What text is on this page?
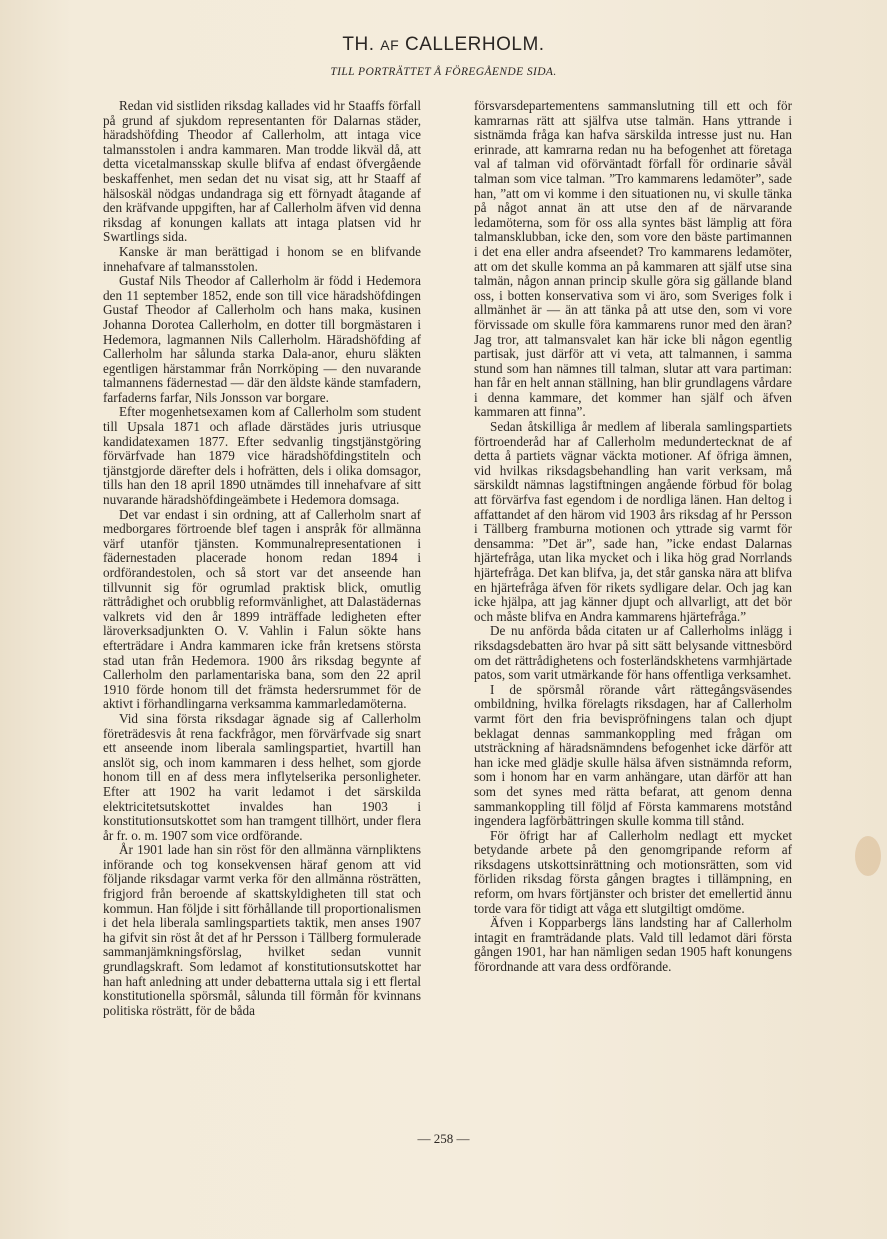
TH. AF CALLERHOLM.
TILL PORTRÄTTET Å FÖREGÅENDE SIDA.

Redan vid sistliden riksdag kallades vid hr Staaffs förfall på grund af sjukdom representanten för Dalarnas städer, häradshöfding Theodor af Callerholm, att intaga vice talmansstolen i andra kammaren. Man trodde likväl då, att detta vicetalmansskap skulle blifva af endast öfvergående beskaffenhet, men sedan det nu visat sig, att hr Staaff af hälsoskäl nödgas undandraga sig ett förnyadt åtagande af den kräfvande uppgiften, har af Callerholm äfven vid denna riksdag af konungen kallats att intaga platsen vid hr Swartlings sida.

Kanske är man berättigad i honom se en blifvande innehafvare af talmansstolen.

Gustaf Nils Theodor af Callerholm är född i Hedemora den 11 september 1852, ende son till vice häradshöfdingen Gustaf Theodor af Callerholm och hans maka, kusinen Johanna Dorotea Callerholm, en dotter till borgmästaren i Hedemora, lagmannen Nils Callerholm. Häradshöfding af Callerholm har sålunda starka Dala-anor, ehuru släkten egentligen härstammar från Norrköping — den nuvarande talmannens fädernestad — där den äldste kände stamfadern, farfaderns farfar, Nils Jonsson var borgare.

Efter mogenhetsexamen kom af Callerholm som student till Upsala 1871 och aflade därstädes juris utriusque kandidatexamen 1877. Efter sedvanlig tingstjänstgöring förvärfvade han 1879 vice häradshöfdingstiteln och tjänstgjorde därefter dels i hofrätten, dels i olika domsagor, tills han den 18 april 1890 utnämdes till innehafvare af sitt nuvarande häradshöfdingeämbete i Hedemora domsaga.

Det var endast i sin ordning, att af Callerholm snart af medborgares förtroende blef tagen i anspråk för allmänna värf utanför tjänsten. Kommunalrepresentationen i fädernestaden placerade honom redan 1894 i ordförandestolen, och så stort var det anseende han tillvunnit sig för ogrumlad praktisk blick, omutlig rättrådighet och orubblig reformvänlighet, att Dalastädernas valkrets vid den år 1899 inträffade ledigheten efter läroverksadjunkten O. V. Vahlin i Falun sökte hans efterträdare i Andra kammaren icke från kretsens största stad utan från Hedemora. 1900 års riksdag begynte af Callerholm den parlamentariska bana, som den 22 april 1910 förde honom till det främsta hedersrummet för de aktivt i förhandlingarna verksamma kammarledamöterna.

Vid sina första riksdagar ägnade sig af Callerholm företrädesvis åt rena fackfrågor, men förvärfvade sig snart ett anseende inom liberala samlingspartiet, hvartill han anslöt sig, och inom kammaren i dess helhet, som gjorde honom till en af dess mera inflytelserika personligheter. Efter att 1902 ha varit ledamot i det särskilda elektricitetsutskottet invaldes han 1903 i konstitutionsutskottet som han tramgent tillhört, under flera år fr. o. m. 1907 som vice ordförande.

År 1901 lade han sin röst för den allmänna värnpliktens införande och tog konsekvensen häraf genom att vid följande riksdagar varmt verka för den allmänna rösträtten, frigjord från beroende af skattskyldigheten till stat och kommun. Han följde i sitt förhållande till proportionalismen i det hela liberala samlingspartiets taktik, men anses 1907 ha gifvit sin röst åt det af hr Persson i Tällberg formulerade sammanjämkningsförslag, hvilket sedan vunnit grundlagskraft. Som ledamot af konstitutionsutskottet har han haft anledning att under debatterna uttala sig i ett flertal konstitutionella spörsmål, sålunda till förmån för kvinnans politiska rösträtt, för de båda

försvarsdepartementens sammanslutning till ett och för kamrarnas rätt att själfva utse talmän. Hans yttrande i sistnämda fråga kan hafva särskilda intresse just nu. Han erinrade, att kamrarna redan nu ha befogenhet att företaga val af talman vid oförväntadt förfall för ordinarie såväl talman som vice talman. ”Tro kammarens ledamöter”, sade han, ”att om vi komme i den situationen nu, vi skulle tänka på något annat än att utse den af de närvarande ledamöterna, som för oss alla syntes bäst lämplig att föra talmansklubban, icke den, som vore den bäste partimannen i det ena eller andra afseendet? Tro kammarens ledamöter, att om det skulle komma an på kammaren att själf utse sina talmän, någon annan princip skulle göra sig gällande bland oss, i botten konservativa som vi äro, som Sveriges folk i allmänhet är — än att tänka på att utse den, som vi vore förvissade om skulle föra kammarens runor med den äran? Jag tror, att talmansvalet kan här icke bli någon egentlig partisak, just därför att vi veta, att talmannen, i samma stund som han nämnes till talman, slutar att vara partiman: han får en helt annan ställning, han blir grundlagens vårdare i denna kammare, det kommer han själf och äfven kammaren att finna”.

Sedan åtskilliga år medlem af liberala samlingspartiets förtroenderåd har af Callerholm medundertecknat de af detta å partiets vägnar väckta motioner. Af öfriga ämnen, vid hvilkas riksdagsbehandling han varit verksam, må särskildt nämnas lagstiftningen angående förbud för bolag att förvärfva fast egendom i de nordliga länen. Han deltog i affattandet af den härom vid 1903 års riksdag af hr Persson i Tällberg framburna motionen och yttrade sig varmt för densamma: ”Det är”, sade han, ”icke endast Dalarnas hjärtefråga, utan lika mycket och i lika hög grad Norrlands hjärtefråga. Det kan blifva, ja, det står ganska nära att blifva en hjärtefråga äfven för rikets sydligare delar. Och jag kan icke hjälpa, att jag känner djupt och allvarligt, att det bör och måste blifva en Andra kammarens hjärtefråga.”

De nu anförda båda citaten ur af Callerholms inlägg i riksdagsdebatten äro hvar på sitt sätt belysande vittnesbörd om det rättrådighetens och fosterländskhetens varmhjärtade patos, som varit utmärkande för hans offentliga verksamhet.

I de spörsmål rörande vårt rättegångsväsendes ombildning, hvilka förelagts riksdagen, har af Callerholm varmt fört den fria bevispröfningens talan och djupt beklagat dennas sammankoppling med frågan om utsträckning af häradsnämndens befogenhet icke därför att han icke med glädje skulle hälsa äfven sistnämnda reform, som i honom har en varm anhängare, utan därför att han som det synes med rätta befarat, att genom denna sammankoppling till följd af Första kammarens motstånd ingendera lagförbättringen skulle komma till stånd.

För öfrigt har af Callerholm nedlagt ett mycket betydande arbete på den genomgripande reform af riksdagens utskottsinrättning och motionsrätten, som vid förliden riksdag första gången bragtes i tillämpning, en reform, om hvars förtjänster och brister det emellertid ännu torde vara för tidigt att våga ett slutgiltigt omdöme.

Äfven i Kopparbergs läns landsting har af Callerholm intagit en framträdande plats. Vald till ledamot däri första gången 1901, har han nämligen sedan 1905 haft konungens förordnande att vara dess ordförande.

— 258 —
